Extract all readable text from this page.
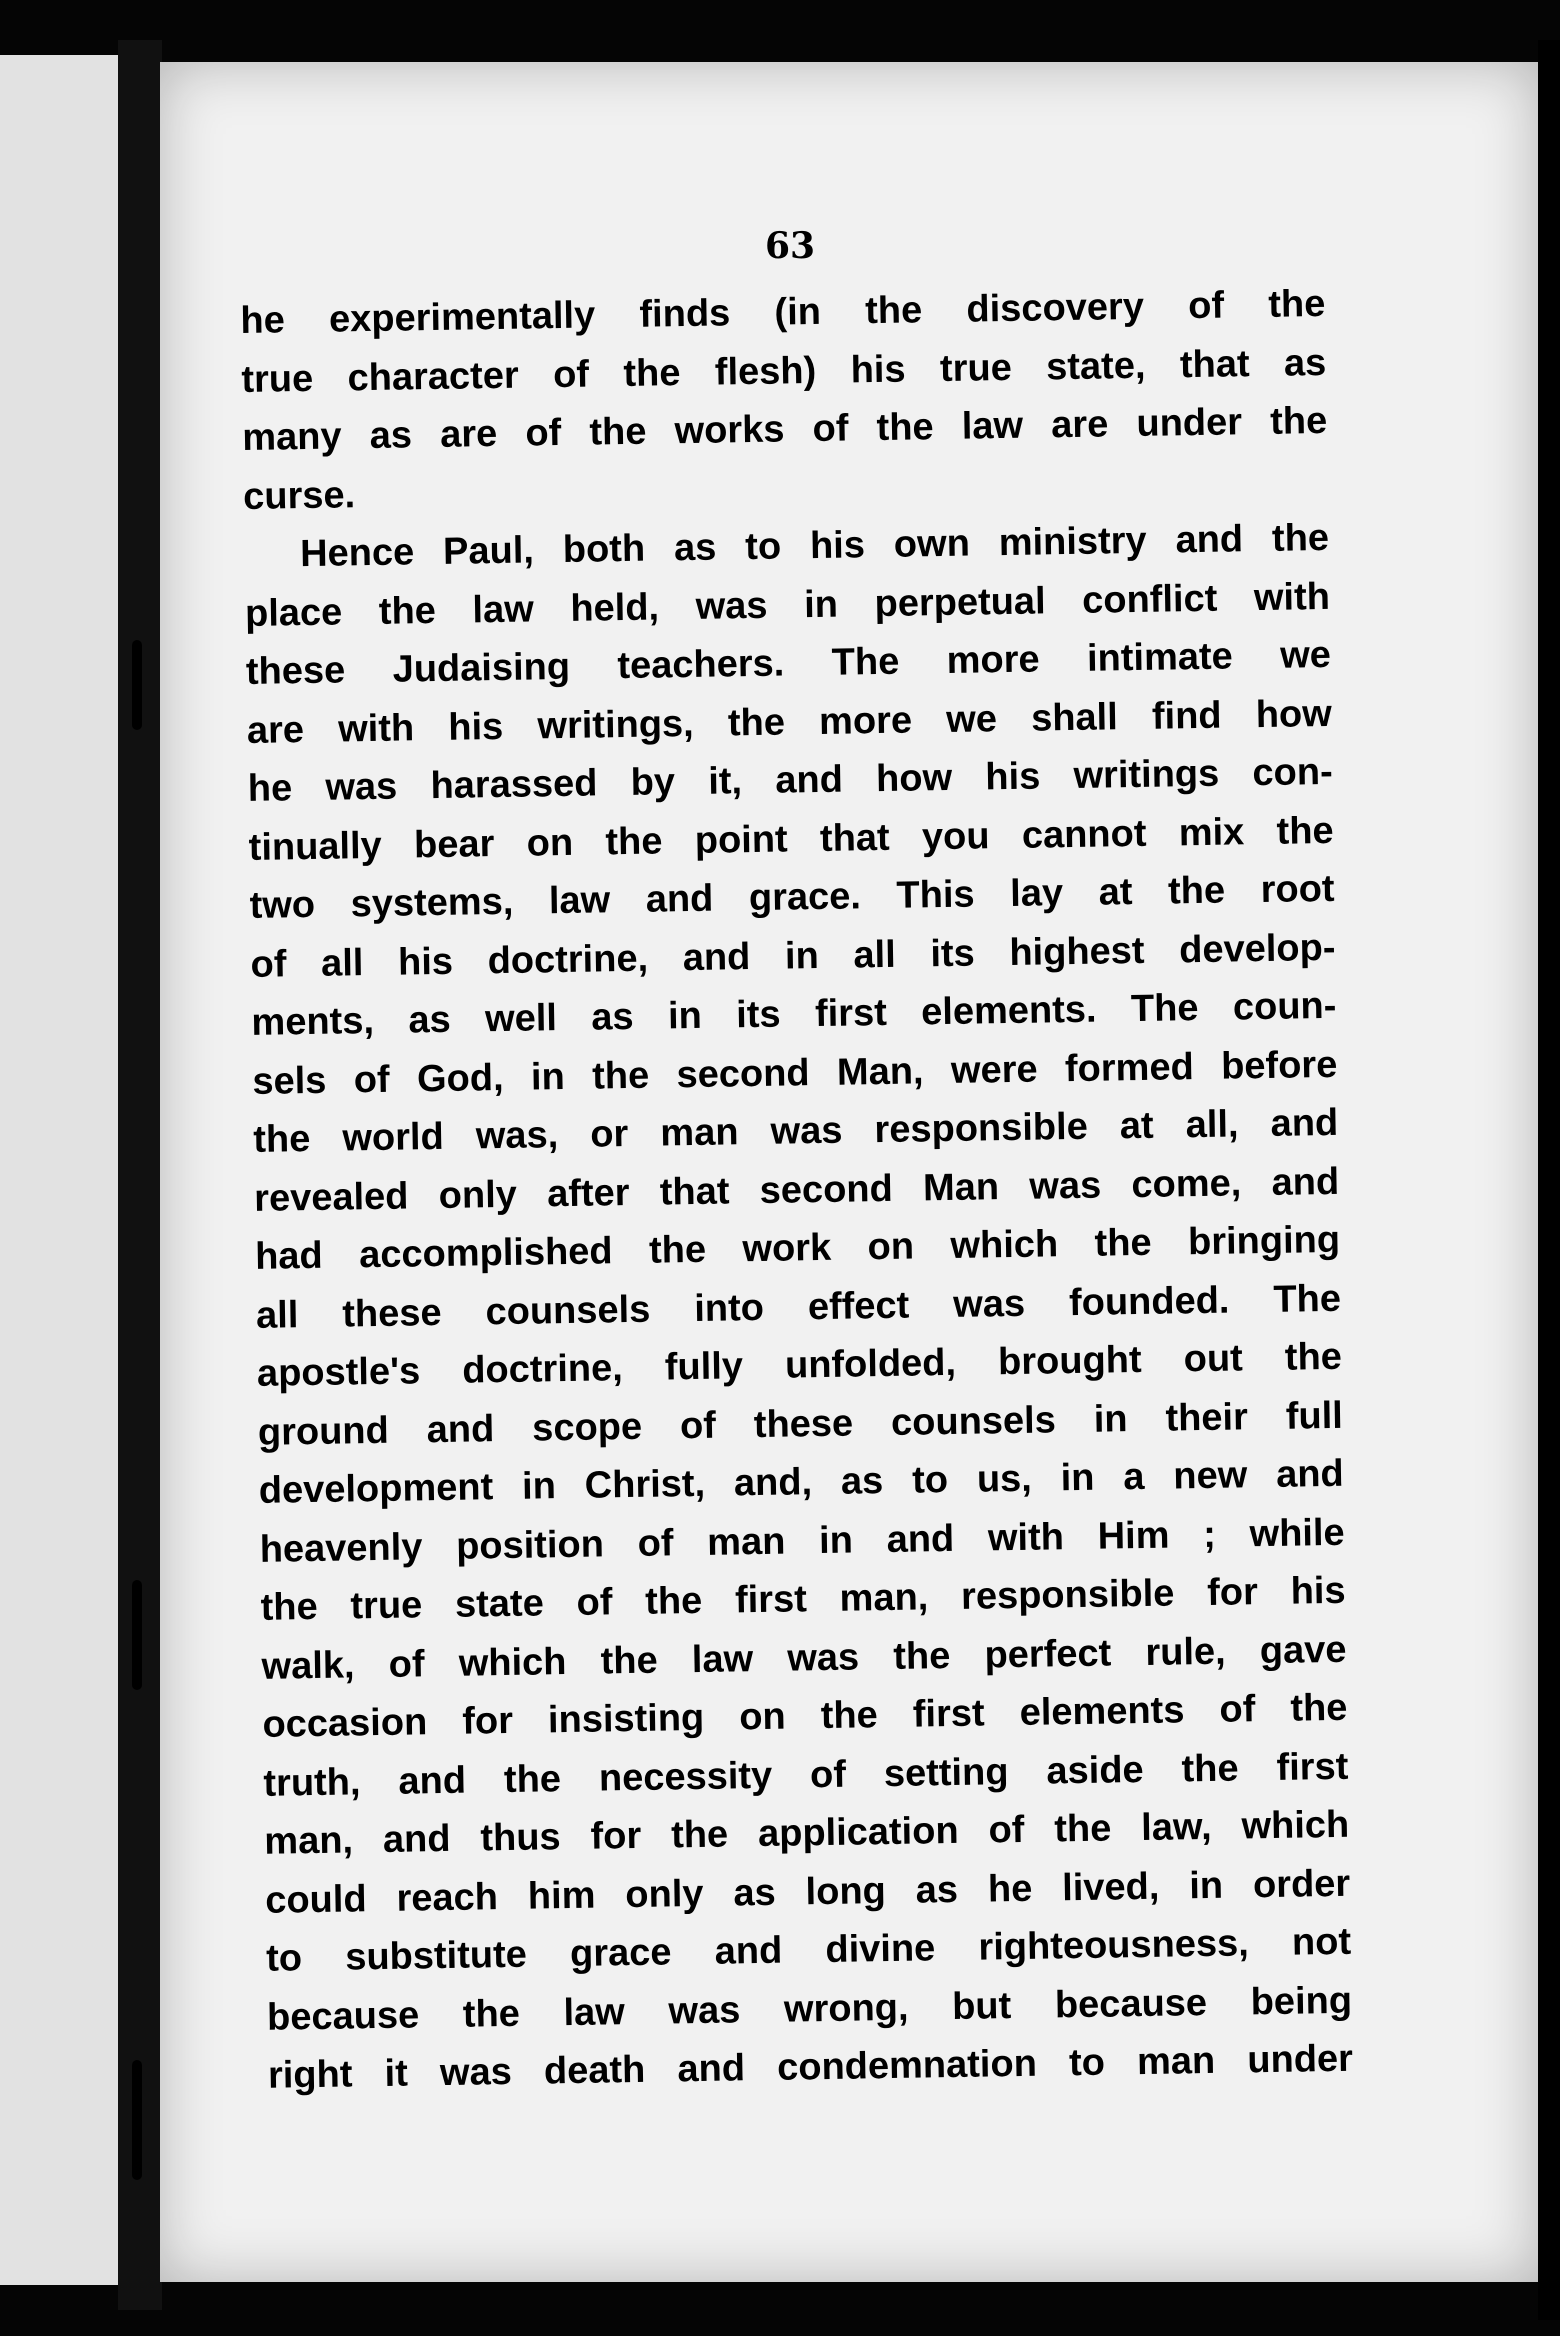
63
he experimentally finds (in the discovery of the
true character of the flesh) his true state, that as
many as are of the works of the law are under the
curse.
Hence Paul, both as to his own ministry and the
place the law held, was in perpetual conflict with
these Judaising teachers. The more intimate we
are with his writings, the more we shall find how
he was harassed by it, and how his writings con-
tinually bear on the point that you cannot mix the
two systems, law and grace. This lay at the root
of all his doctrine, and in all its highest develop-
ments, as well as in its first elements. The coun-
sels of God, in the second Man, were formed before
the world was, or man was responsible at all, and
revealed only after that second Man was come, and
had accomplished the work on which the bringing
all these counsels into effect was founded. The
apostle's doctrine, fully unfolded, brought out the
ground and scope of these counsels in their full
development in Christ, and, as to us, in a new and
heavenly position of man in and with Him ; while
the true state of the first man, responsible for his
walk, of which the law was the perfect rule, gave
occasion for insisting on the first elements of the
truth, and the necessity of setting aside the first
man, and thus for the application of the law, which
could reach him only as long as he lived, in order
to substitute grace and divine righteousness, not
because the law was wrong, but because being
right it was death and condemnation to man under
